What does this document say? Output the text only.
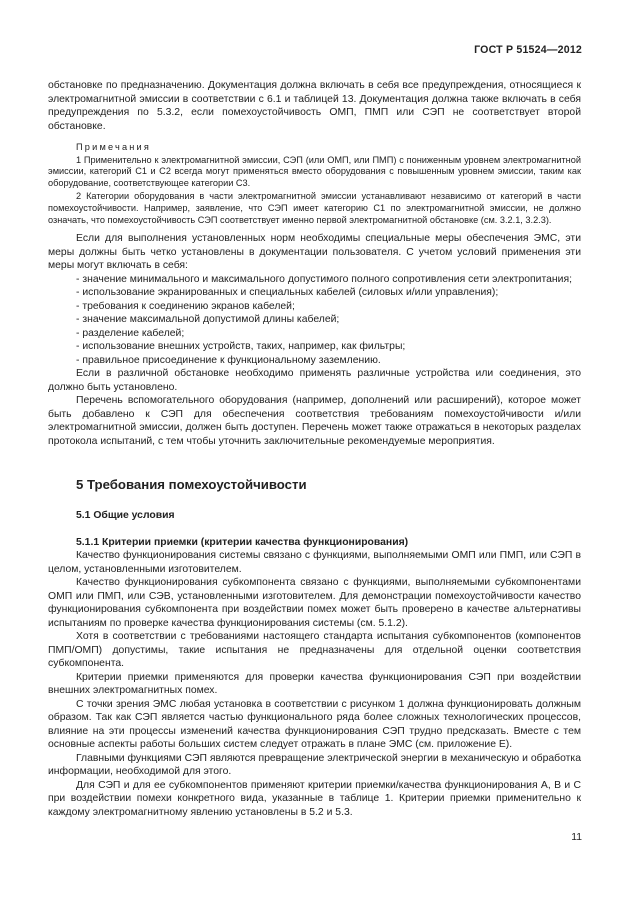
ГОСТ Р 51524—2012

обстановке по предназначению. Документация должна включать в себя все предупреждения, относящиеся к электромагнитной эмиссии в соответствии с 6.1 и таблицей 13. Документация должна также включать в себя предупреждения по 5.3.2, если помехоустойчивость ОМП, ПМП или СЭП не соответствует второй обстановке.

Примечания

1 Применительно к электромагнитной эмиссии, СЭП (или ОМП, или ПМП) с пониженным уровнем электромагнитной эмиссии, категорий С1 и С2 всегда могут применяться вместо оборудования с повышенным уровнем эмиссии, таким как оборудование, соответствующее категории С3.

2 Категории оборудования в части электромагнитной эмиссии устанавливают независимо от категорий в части помехоустойчивости. Например, заявление, что СЭП имеет категорию С1 по электромагнитной эмиссии, не должно означать, что помехоустойчивость СЭП соответствует именно первой электромагнитной обстановке (см. 3.2.1, 3.2.3).

Если для выполнения установленных норм необходимы специальные меры обеспечения ЭМС, эти меры должны быть четко установлены в документации пользователя. С учетом условий применения эти меры могут включать в себя:

- значение минимального и максимального допустимого полного сопротивления сети электропитания;

- использование экранированных и специальных кабелей (силовых и/или управления);

- требования к соединению экранов кабелей;

- значение максимальной допустимой длины кабелей;

- разделение кабелей;

- использование внешних устройств, таких, например, как фильтры;

- правильное присоединение к функциональному заземлению.

Если в различной обстановке необходимо применять различные устройства или соединения, это должно быть установлено.

Перечень вспомогательного оборудования (например, дополнений или расширений), которое может быть добавлено к СЭП для обеспечения соответствия требованиям помехоустойчивости и/или электромагнитной эмиссии, должен быть доступен. Перечень может также отражаться в некоторых разделах протокола испытаний, с тем чтобы уточнить заключительные рекомендуемые мероприятия.

5 Требования помехоустойчивости
5.1 Общие условия
5.1.1 Критерии приемки (критерии качества функционирования)

Качество функционирования системы связано с функциями, выполняемыми ОМП или ПМП, или СЭП в целом, установленными изготовителем.

Качество функционирования субкомпонента связано с функциями, выполняемыми субкомпонентами ОМП или ПМП, или СЭВ, установленными изготовителем. Для демонстрации помехоустойчивости качество функционирования субкомпонента при воздействии помех может быть проверено в качестве альтернативы испытаниям по проверке качества функционирования системы (см. 5.1.2).

Хотя в соответствии с требованиями настоящего стандарта испытания субкомпонентов (компонентов ПМП/ОМП) допустимы, такие испытания не предназначены для отдельной оценки соответствия субкомпонента.

Критерии приемки применяются для проверки качества функционирования СЭП при воздействии внешних электромагнитных помех.

С точки зрения ЭМС любая установка в соответствии с рисунком 1 должна функционировать должным образом. Так как СЭП является частью функционального ряда более сложных технологических процессов, влияние на эти процессы изменений качества функционирования СЭП трудно предсказать. Вместе с тем основные аспекты работы больших систем следует отражать в плане ЭМС (см. приложение Е).

Главными функциями СЭП являются превращение электрической энергии в механическую и обработка информации, необходимой для этого.

Для СЭП и для ее субкомпонентов применяют критерии приемки/качества функционирования А, В и С при воздействии помехи конкретного вида, указанные в таблице 1. Критерии приемки применительно к каждому электромагнитному явлению установлены в 5.2 и 5.3.

11
